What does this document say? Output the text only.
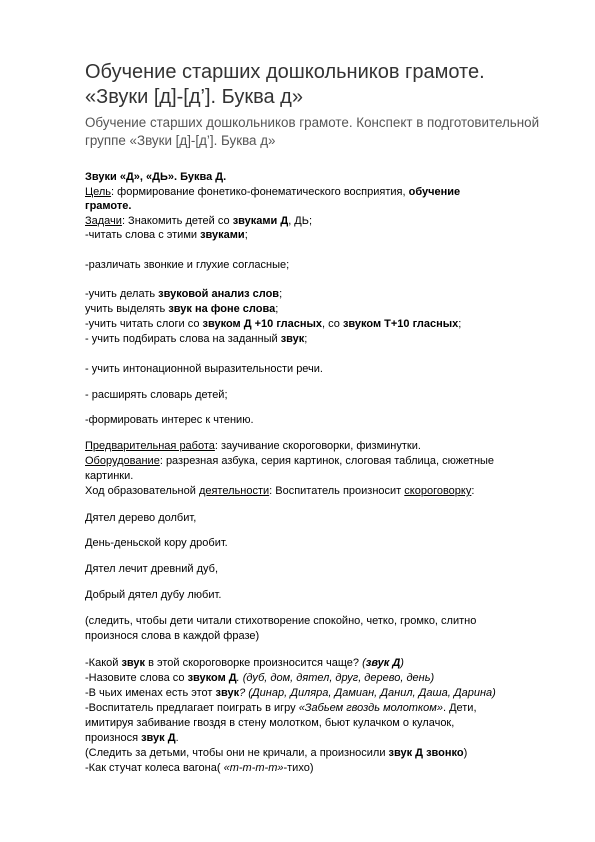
Обучение старших дошкольников грамоте.
«Звуки [д]-[д’]. Буква д»

Обучение старших дошкольников грамоте. Конспект в подготовительной
группе «Звуки [д]-[д’]. Буква д»

Звуки «Д», «ДЬ». Буква Д.
Цель: формирование фонетико-фонематического восприятия, обучение
грамоте.
Задачи: Знакомить детей со звуками Д, ДЬ;
-читать слова с этими звуками;
-различать звонкие и глухие согласные;
-учить делать звуковой анализ слов;
учить выделять звук на фоне слова;
-учить читать слоги со звуком Д +10 гласных, со звуком Т+10 гласных;
- учить подбирать слова на заданный звук;
- учить интонационной выразительности речи.
- расширять словарь детей;
-формировать интерес к чтению.
Предварительная работа: заучивание скороговорки, физминутки.
Оборудование: разрезная азбука, серия картинок, слоговая таблица, сюжетные
картинки.
Ход образовательной деятельности: Воспитатель произносит скороговорку:
Дятел дерево долбит,
День-деньской кору дробит.
Дятел лечит древний дуб,
Добрый дятел дубу любит.
(следить, чтобы дети читали стихотворение спокойно, четко, громко, слитно
произнося слова в каждой фразе)
-Какой звук в этой скороговорке произносится чаще? (звук Д)
-Назовите слова со звуком Д. (дуб, дом, дятел, друг, дерево, день)
-В чьих именах есть этот звук? (Динар, Диляра, Дамиан, Данил, Даша, Дарина)
-Воспитатель предлагает поиграть в игру «Забьем гвоздь молотком». Дети,
имитируя забивание гвоздя в стену молотком, бьют кулачком о кулачок,
произнося звук Д.
(Следить за детьми, чтобы они не кричали, а произносили звук Д звонко)
-Как стучат колеса вагона( «т-т-т-т»-тихо)
